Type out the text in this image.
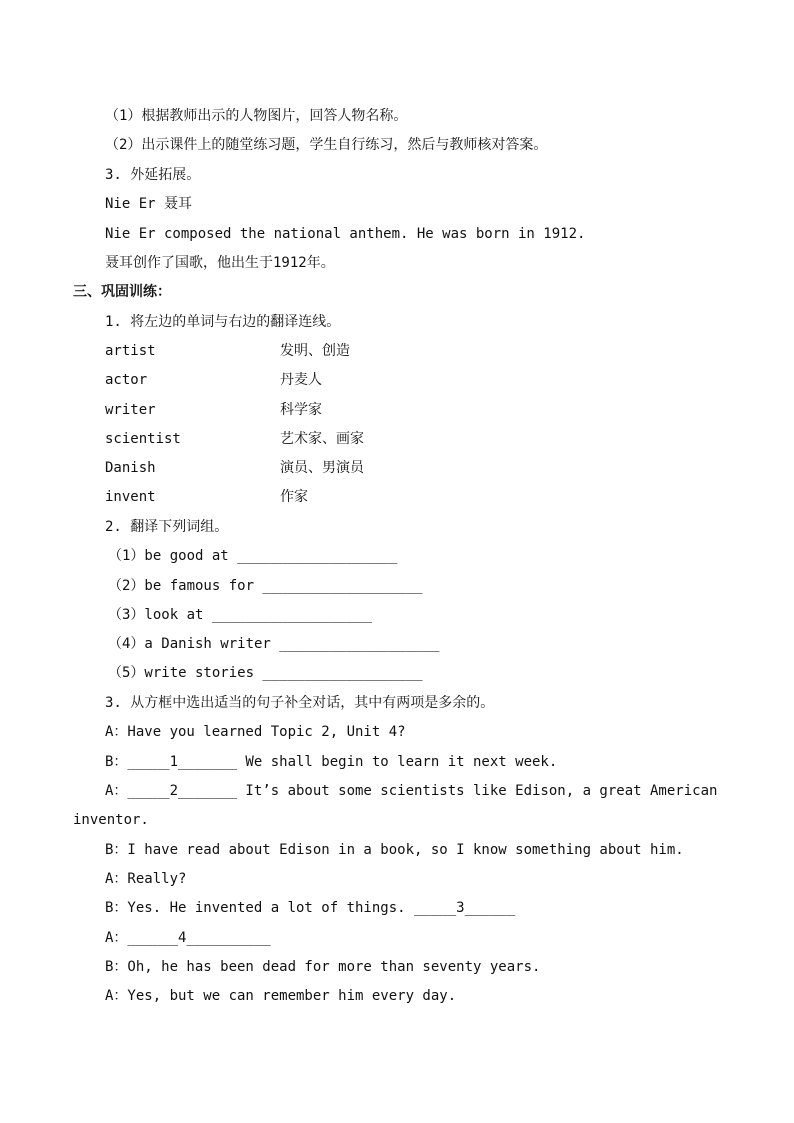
（1）根据教师出示的人物图片，回答人物名称。
（2）出示课件上的随堂练习题，学生自行练习，然后与教师核对答案。
3. 外延拓展。
Nie Er 聂耳
Nie Er composed the national anthem. He was born in 1912.
聂耳创作了国歌，他出生于1912年。
三、巩固训练：
1. 将左边的单词与右边的翻译连线。
artist	发明、创造
actor	丹麦人
writer	科学家
scientist	艺术家、画家
Danish	演员、男演员
invent	作家
2. 翻译下列词组。
（1）be good at ___________________
（2）be famous for ___________________
（3）look at ___________________
（4）a Danish writer ___________________
（5）write stories ___________________
3. 从方框中选出适当的句子补全对话，其中有两项是多余的。
A：Have you learned Topic 2, Unit 4?
B：_____1_______ We shall begin to learn it next week.
A：_____2_______ It’s about some scientists like Edison, a great American
inventor.
B：I have read about Edison in a book, so I know something about him.
A：Really?
B：Yes. He invented a lot of things. _____3______
A：______4__________
B：Oh, he has been dead for more than seventy years.
A：Yes, but we can remember him every day.
